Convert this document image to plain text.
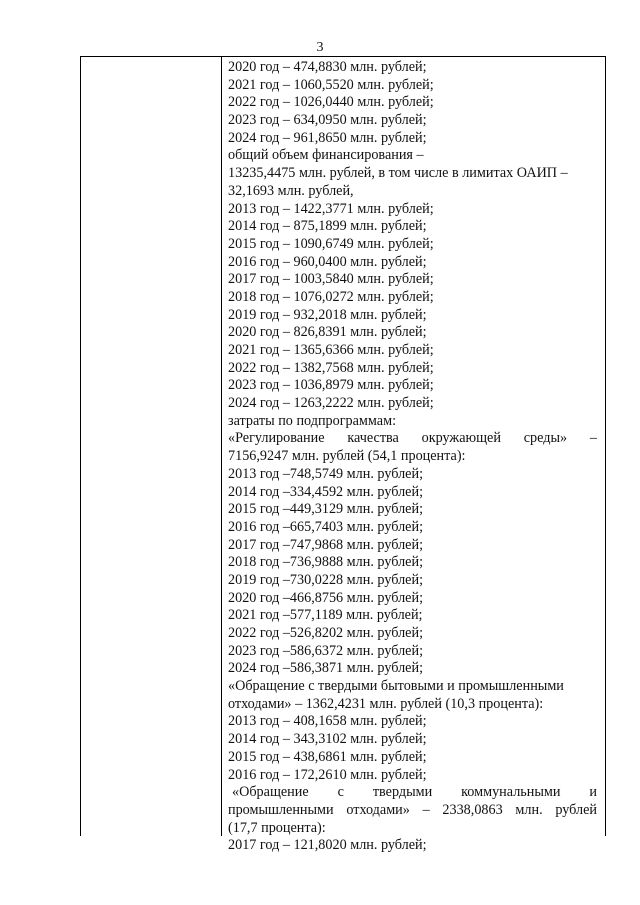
3
2020 год – 474,8830 млн. рублей;
2021 год – 1060,5520 млн. рублей;
2022 год – 1026,0440 млн. рублей;
2023 год – 634,0950 млн. рублей;
2024 год – 961,8650 млн. рублей;
общий объем финансирования –
13235,4475 млн. рублей, в том числе в лимитах ОАИП –
32,1693 млн. рублей,
2013 год – 1422,3771 млн. рублей;
2014 год – 875,1899 млн. рублей;
2015 год – 1090,6749 млн. рублей;
2016 год – 960,0400 млн. рублей;
2017 год – 1003,5840 млн. рублей;
2018 год – 1076,0272 млн. рублей;
2019 год – 932,2018 млн. рублей;
2020 год – 826,8391 млн. рублей;
2021 год – 1365,6366 млн. рублей;
2022 год – 1382,7568 млн. рублей;
2023 год – 1036,8979 млн. рублей;
2024 год – 1263,2222 млн. рублей;
затраты по подпрограммам:
«Регулирование качества окружающей среды» –
7156,9247 млн. рублей (54,1 процента):
2013 год –748,5749 млн. рублей;
2014 год –334,4592 млн. рублей;
2015 год –449,3129 млн. рублей;
2016 год –665,7403 млн. рублей;
2017 год –747,9868 млн. рублей;
2018 год –736,9888 млн. рублей;
2019 год –730,0228 млн. рублей;
2020 год –466,8756 млн. рублей;
2021 год –577,1189 млн. рублей;
2022 год –526,8202 млн. рублей;
2023 год –586,6372 млн. рублей;
2024 год –586,3871 млн. рублей;
«Обращение с твердыми бытовыми и промышленными
отходами» – 1362,4231 млн. рублей (10,3 процента):
2013 год – 408,1658 млн. рублей;
2014 год – 343,3102 млн. рублей;
2015 год – 438,6861 млн. рублей;
2016 год – 172,2610 млн. рублей;
«Обращение с твердыми коммунальными и
промышленными отходами» – 2338,0863 млн. рублей
(17,7 процента):
2017 год – 121,8020 млн. рублей;
